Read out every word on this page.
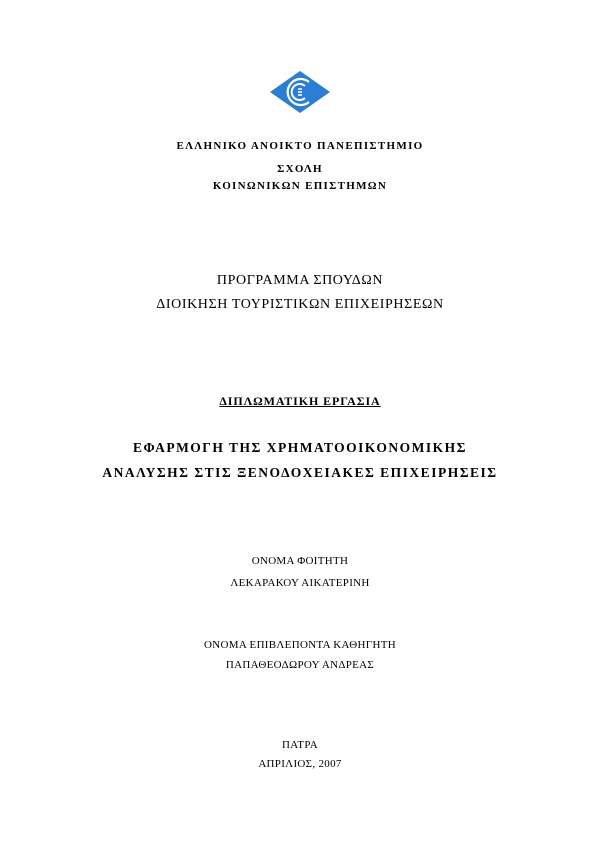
ΕΛΛΗΝΙΚΟ ΑΝΟΙΚΤΟ ΠΑΝΕΠΙΣΤΗΜΙΟ
ΣΧΟΛΗ
ΚΟΙΝΩΝΙΚΩΝ ΕΠΙΣΤΗΜΩΝ
ΠΡΟΓΡΑΜΜΑ ΣΠΟΥΔΩΝ
ΔΙΟΙΚΗΣΗ ΤΟΥΡΙΣΤΙΚΩΝ ΕΠΙΧΕΙΡΗΣΕΩΝ
ΔΙΠΛΩΜΑΤΙΚΗ ΕΡΓΑΣΙΑ
ΕΦΑΡΜΟΓΗ ΤΗΣ ΧΡΗΜΑΤΟΟΙΚΟΝΟΜΙΚΗΣ
ΑΝΑΛΥΣΗΣ ΣΤΙΣ ΞΕΝΟΔΟΧΕΙΑΚΕΣ ΕΠΙΧΕΙΡΗΣΕΙΣ
ΟΝΟΜΑ ΦΟΙΤΗΤΗ
ΛΕΚΑΡΑΚΟΥ ΑΙΚΑΤΕΡΙΝΗ
ΟΝΟΜΑ ΕΠΙΒΛΕΠΟΝΤΑ ΚΑΘΗΓΗΤΗ
ΠΑΠΑΘΕΟΔΩΡΟΥ ΑΝΔΡΕΑΣ
ΠΑΤΡΑ
ΑΠΡΙΛΙΟΣ, 2007
